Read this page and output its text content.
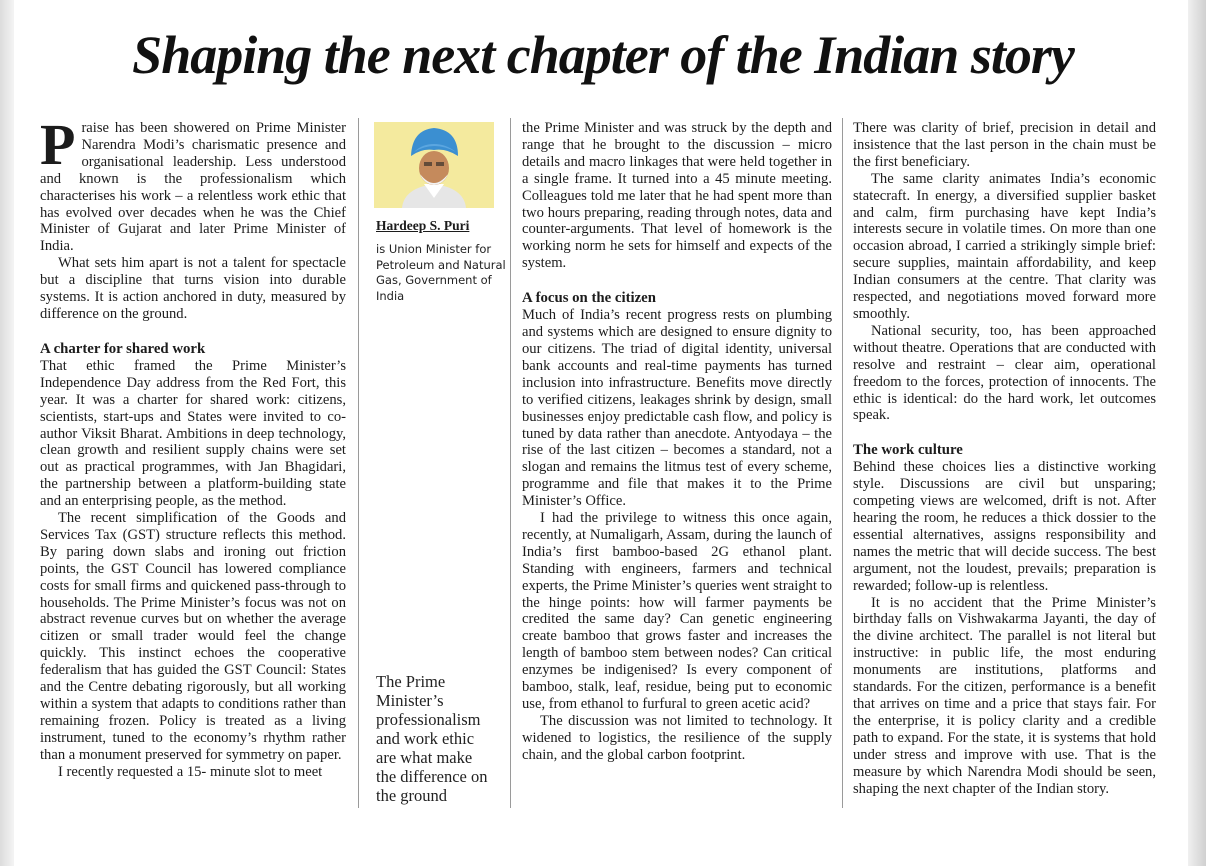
Shaping the next chapter of the Indian story

Praise has been showered on Prime Minister Narendra Modi’s charismatic presence and organisational leadership. Less understood and known is the professionalism which characterises his work – a relentless work ethic that has evolved over decades when he was the Chief Minister of Gujarat and later Prime Minister of India.

What sets him apart is not a talent for spectacle but a discipline that turns vision into durable systems. It is action anchored in duty, measured by difference on the ground.

A charter for shared work

That ethic framed the Prime Minister’s Independence Day address from the Red Fort, this year. It was a charter for shared work: citizens, scientists, start-ups and States were invited to co-author Viksit Bharat. Ambitions in deep technology, clean growth and resilient supply chains were set out as practical programmes, with Jan Bhagidari, the partnership between a platform-building state and an enterprising people, as the method.

The recent simplification of the Goods and Services Tax (GST) structure reflects this method. By paring down slabs and ironing out friction points, the GST Council has lowered compliance costs for small firms and quickened pass-through to households. The Prime Minister’s focus was not on abstract revenue curves but on whether the average citizen or small trader would feel the change quickly. This instinct echoes the cooperative federalism that has guided the GST Council: States and the Centre debating rigorously, but all working within a system that adapts to conditions rather than remaining frozen. Policy is treated as a living instrument, tuned to the economy’s rhythm rather than a monument preserved for symmetry on paper.

I recently requested a 15- minute slot to meet

Hardeep S. Puri
is Union Minister for Petroleum and Natural Gas, Government of India
The Prime Minister’s professionalism and work ethic are what make the difference on the ground

the Prime Minister and was struck by the depth and range that he brought to the discussion – micro details and macro linkages that were held together in a single frame. It turned into a 45 minute meeting. Colleagues told me later that he had spent more than two hours preparing, reading through notes, data and counter-arguments. That level of homework is the working norm he sets for himself and expects of the system.

A focus on the citizen

Much of India’s recent progress rests on plumbing and systems which are designed to ensure dignity to our citizens. The triad of digital identity, universal bank accounts and real-time payments has turned inclusion into infrastructure. Benefits move directly to verified citizens, leakages shrink by design, small businesses enjoy predictable cash flow, and policy is tuned by data rather than anecdote. Antyodaya – the rise of the last citizen – becomes a standard, not a slogan and remains the litmus test of every scheme, programme and file that makes it to the Prime Minister’s Office.

I had the privilege to witness this once again, recently, at Numaligarh, Assam, during the launch of India’s first bamboo-based 2G ethanol plant. Standing with engineers, farmers and technical experts, the Prime Minister’s queries went straight to the hinge points: how will farmer payments be credited the same day? Can genetic engineering create bamboo that grows faster and increases the length of bamboo stem between nodes? Can critical enzymes be indigenised? Is every component of bamboo, stalk, leaf, residue, being put to economic use, from ethanol to furfural to green acetic acid?

The discussion was not limited to technology. It widened to logistics, the resilience of the supply chain, and the global carbon footprint.

There was clarity of brief, precision in detail and insistence that the last person in the chain must be the first beneficiary.

The same clarity animates India’s economic statecraft. In energy, a diversified supplier basket and calm, firm purchasing have kept India’s interests secure in volatile times. On more than one occasion abroad, I carried a strikingly simple brief: secure supplies, maintain affordability, and keep Indian consumers at the centre. That clarity was respected, and negotiations moved forward more smoothly.

National security, too, has been approached without theatre. Operations that are conducted with resolve and restraint – clear aim, operational freedom to the forces, protection of innocents. The ethic is identical: do the hard work, let outcomes speak.

The work culture

Behind these choices lies a distinctive working style. Discussions are civil but unsparing; competing views are welcomed, drift is not. After hearing the room, he reduces a thick dossier to the essential alternatives, assigns responsibility and names the metric that will decide success. The best argument, not the loudest, prevails; preparation is rewarded; follow-up is relentless.

It is no accident that the Prime Minister’s birthday falls on Vishwakarma Jayanti, the day of the divine architect. The parallel is not literal but instructive: in public life, the most enduring monuments are institutions, platforms and standards. For the citizen, performance is a benefit that arrives on time and a price that stays fair. For the enterprise, it is policy clarity and a credible path to expand. For the state, it is systems that hold under stress and improve with use. That is the measure by which Narendra Modi should be seen, shaping the next chapter of the Indian story.
